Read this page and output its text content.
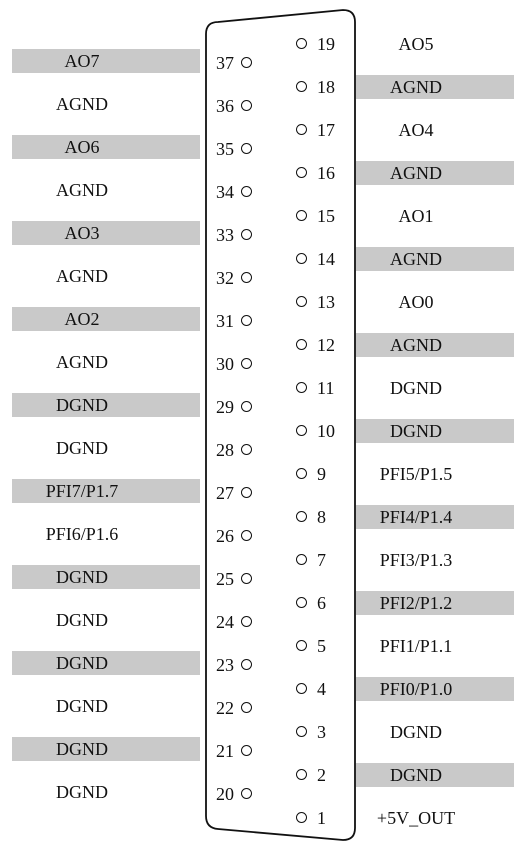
AO7	37
AGND	36
AO6	35
AGND	34
AO3	33
AGND	32
AO2	31
AGND	30
DGND	29
DGND	28
PFI7/P1.7	27
PFI6/P1.6	26
DGND	25
DGND	24
DGND	23
DGND	22
DGND	21
DGND	20
19	AO5
18	AGND
17	AO4
16	AGND
15	AO1
14	AGND
13	AO0
12	AGND
11	DGND
10	DGND
9	PFI5/P1.5
8	PFI4/P1.4
7	PFI3/P1.3
6	PFI2/P1.2
5	PFI1/P1.1
4	PFI0/P1.0
3	DGND
2	DGND
1	+5V_OUT
